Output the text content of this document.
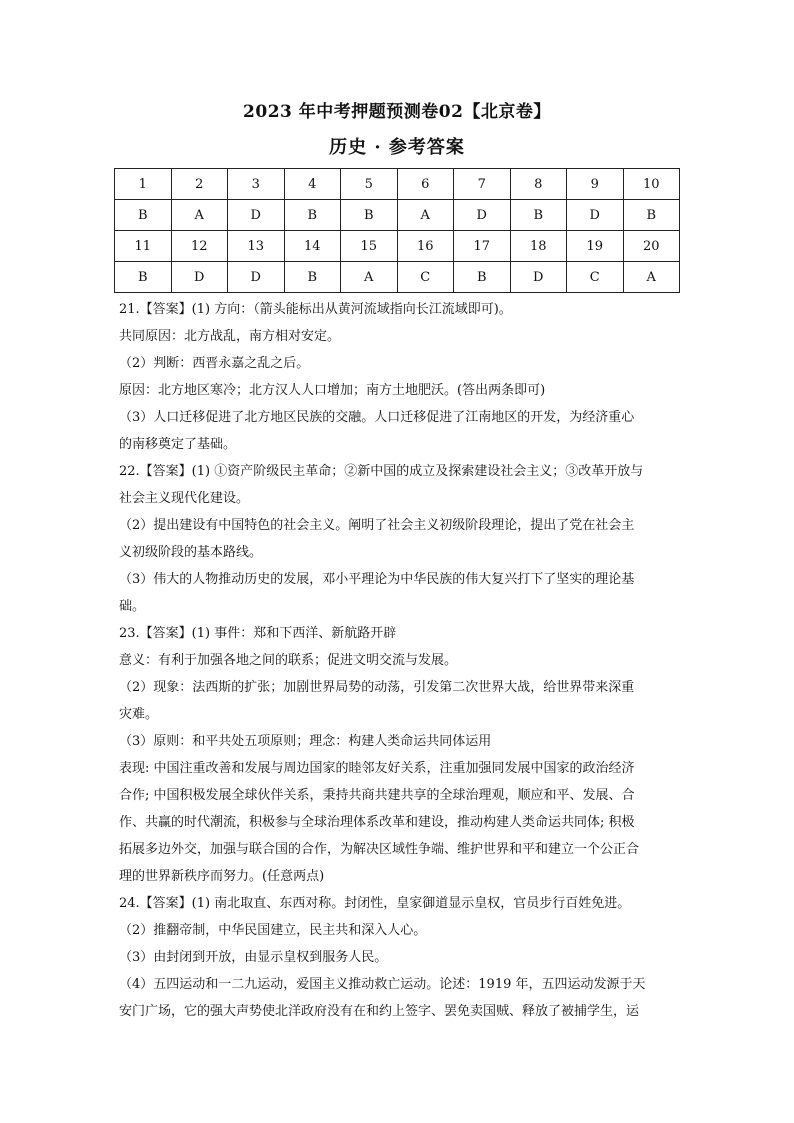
2023 年中考押题预测卷02【北京卷】
历史 · 参考答案
1	2	3	4	5	6	7	8	9	10
B	A	D	B	B	A	D	B	D	B
11	12	13	14	15	16	17	18	19	20
B	D	D	B	A	C	B	D	C	A

21.【答案】(1) 方向：（箭头能标出从黄河流域指向长江流域即可)。

共同原因：北方战乱，南方相对安定。

（2）判断：西晋永嘉之乱之后。

原因：北方地区寒冷；北方汉人人口增加；南方土地肥沃。(答出两条即可)

（3）人口迁移促进了北方地区民族的交融。人口迁移促进了江南地区的开发，为经济重心

的南移奠定了基础。

22.【答案】(1) ①资产阶级民主革命；②新中国的成立及探索建设社会主义；③改革开放与

社会主义现代化建设。

（2）提出建设有中国特色的社会主义。阐明了社会主义初级阶段理论，提出了党在社会主

义初级阶段的基本路线。

（3）伟大的人物推动历史的发展，邓小平理论为中华民族的伟大复兴打下了坚实的理论基

础。

23.【答案】(1) 事件：郑和下西洋、新航路开辟

意义：有利于加强各地之间的联系；促进文明交流与发展。

（2）现象：法西斯的扩张；加剧世界局势的动荡，引发第二次世界大战，给世界带来深重

灾难。

（3）原则：和平共处五项原则；理念：构建人类命运共同体运用

表现: 中国注重改善和发展与周边国家的睦邻友好关系，注重加强同发展中国家的政治经济

合作; 中国积极发展全球伙伴关系，秉持共商共建共享的全球治理观，顺应和平、发展、合

作、共赢的时代潮流，积极参与全球治理体系改革和建设，推动构建人类命运共同体; 积极

拓展多边外交，加强与联合国的合作，为解决区域性争端、维护世界和平和建立一个公正合

理的世界新秩序而努力。(任意两点)

24.【答案】(1) 南北取直、东西对称。封闭性，皇家御道显示皇权，官员步行百姓免进。

（2）推翻帝制，中华民国建立，民主共和深入人心。

（3）由封闭到开放，由显示皇权到服务人民。

（4）五四运动和一二九运动，爱国主义推动救亡运动。论述：1919 年，五四运动发源于天

安门广场，它的强大声势使北洋政府没有在和约上签字、罢免卖国贼、释放了被捕学生，运
